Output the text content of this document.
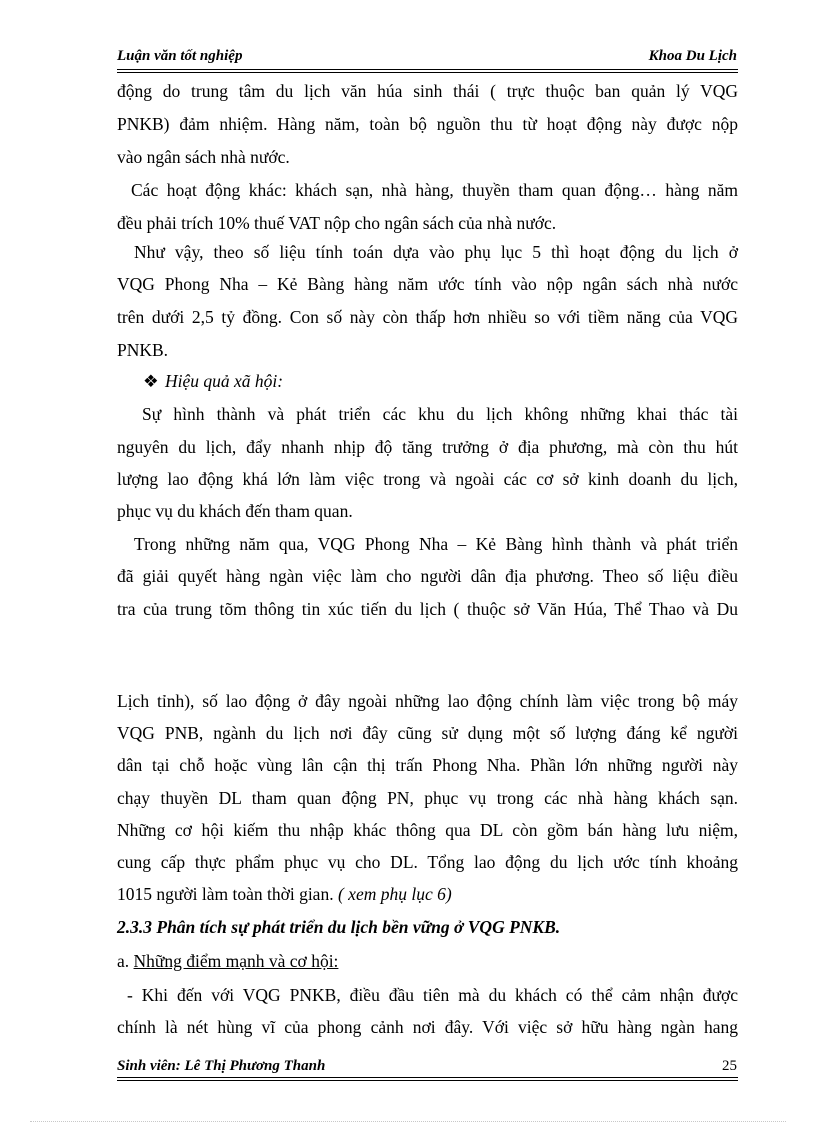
Luận văn tốt nghiệp	Khoa Du Lịch
động do trung tâm du lịch văn húa sinh thái ( trực thuộc ban quản lý VQG
PNKB) đảm nhiệm. Hàng năm, toàn bộ nguồn thu từ hoạt động này được nộp
vào ngân sách nhà nước.
Các hoạt động khác: khách sạn, nhà hàng, thuyền tham quan động… hàng năm
đều phải trích 10% thuế VAT nộp cho ngân sách của nhà nước.
Như vậy, theo số liệu tính toán dựa vào phụ lục 5 thì hoạt động du lịch ở
VQG Phong Nha – Kẻ Bàng hàng năm ước tính vào nộp ngân sách nhà nước
trên dưới 2,5 tỷ đồng. Con số này còn thấp hơn nhiều so với tiềm năng của VQG
PNKB.
❖ Hiệu quả xã hội:
Sự hình thành và phát triển các khu du lịch không những khai thác tài
nguyên du lịch, đẩy nhanh nhịp độ tăng trưởng ở địa phương, mà còn thu hút
lượng lao động khá lớn làm việc trong và ngoài các cơ sở kinh doanh du lịch,
phục vụ du khách đến tham quan.
Trong những năm qua, VQG Phong Nha – Kẻ Bàng hình thành và phát triển
đã giải quyết hàng ngàn việc làm cho người dân địa phương. Theo số liệu điều
tra của trung tõm thông tin xúc tiến du lịch ( thuộc sở Văn Húa, Thể Thao và Du
Lịch tỉnh), số lao động ở đây ngoài những lao động chính làm việc trong bộ máy
VQG PNB, ngành du lịch nơi đây cũng sử dụng một số lượng đáng kể người
dân tại chỗ hoặc vùng lân cận thị trấn Phong Nha. Phần lớn những người này
chạy thuyền DL tham quan động PN, phục vụ trong các nhà hàng khách sạn.
Những cơ hội kiếm thu nhập khác thông qua DL còn gồm bán hàng lưu niệm,
cung cấp thực phẩm phục vụ cho DL. Tổng lao động du lịch ước tính khoảng
1015 người làm toàn thời gian. ( xem phụ lục 6)
2.3.3 Phân tích sự phát triển du lịch bền vững ở VQG PNKB.
a. Những điểm mạnh và cơ hội:
- Khi đến với VQG PNKB, điều đầu tiên mà du khách có thể cảm nhận được
chính là nét hùng vĩ của phong cảnh nơi đây. Với việc sở hữu hàng ngàn hang
Sinh viên: Lê Thị Phương Thanh	25
